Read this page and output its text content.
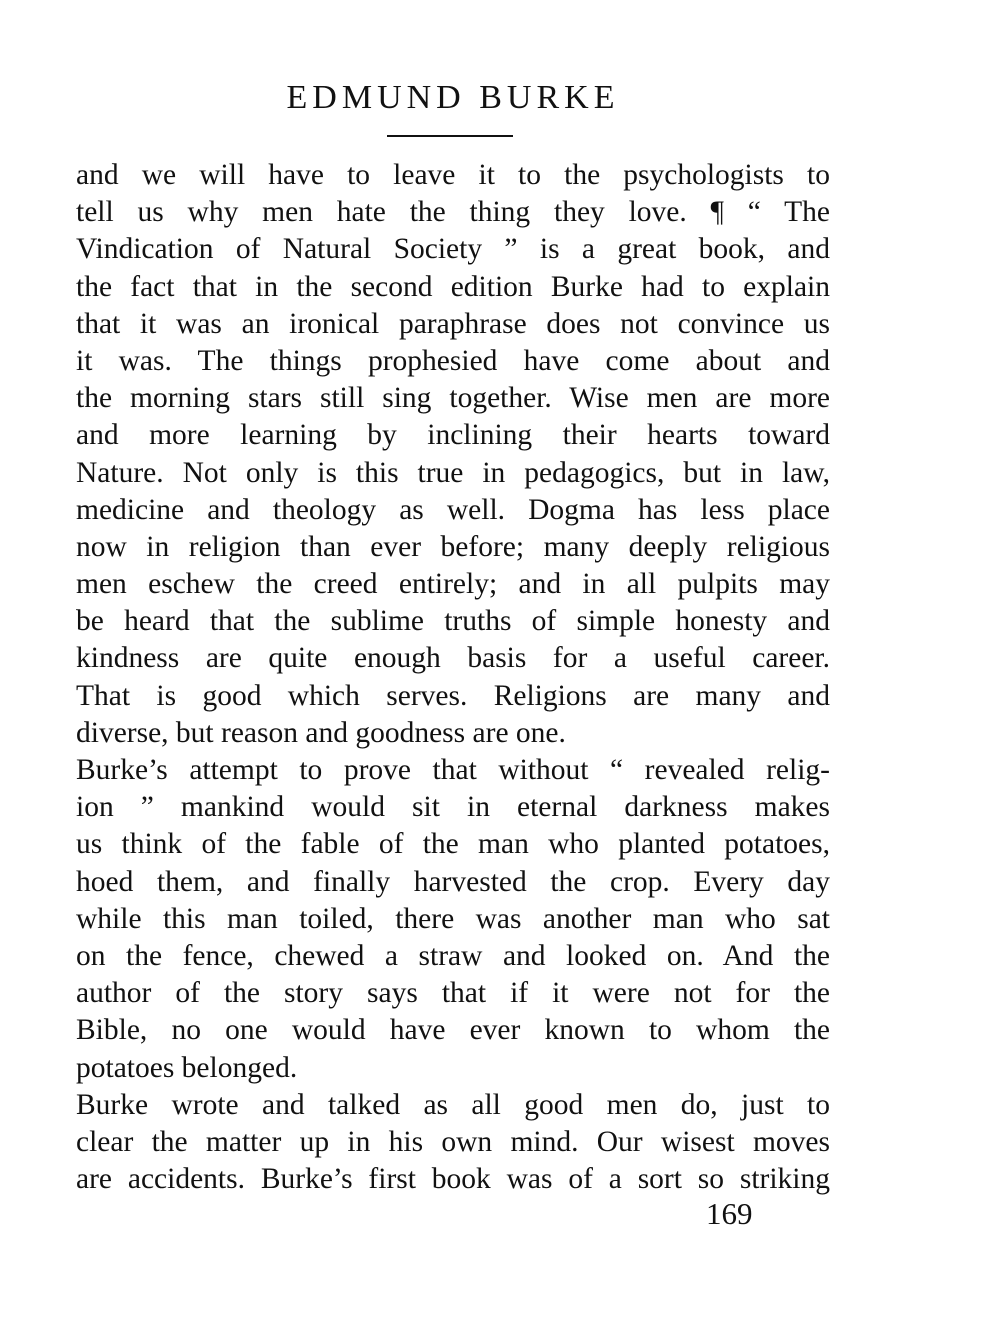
EDMUND BURKE
and we will have to leave it to the psychologists to
tell us why men hate the thing they love. ¶ “ The
Vindication of Natural Society ” is a great book, and
the fact that in the second edition Burke had to explain
that it was an ironical paraphrase does not convince us
it was. The things prophesied have come about and
the morning stars still sing together. Wise men are more
and more learning by inclining their hearts toward
Nature. Not only is this true in pedagogics, but in law,
medicine and theology as well. Dogma has less place
now in religion than ever before; many deeply religious
men eschew the creed entirely; and in all pulpits may
be heard that the sublime truths of simple honesty and
kindness are quite enough basis for a useful career.
That is good which serves. Religions are many and
diverse, but reason and goodness are one.
Burke’s attempt to prove that without “ revealed relig-
ion ” mankind would sit in eternal darkness makes
us think of the fable of the man who planted potatoes,
hoed them, and finally harvested the crop. Every day
while this man toiled, there was another man who sat
on the fence, chewed a straw and looked on. And the
author of the story says that if it were not for the
Bible, no one would have ever known to whom the
potatoes belonged.
Burke wrote and talked as all good men do, just to
clear the matter up in his own mind. Our wisest moves
are accidents. Burke’s first book was of a sort so striking
169
